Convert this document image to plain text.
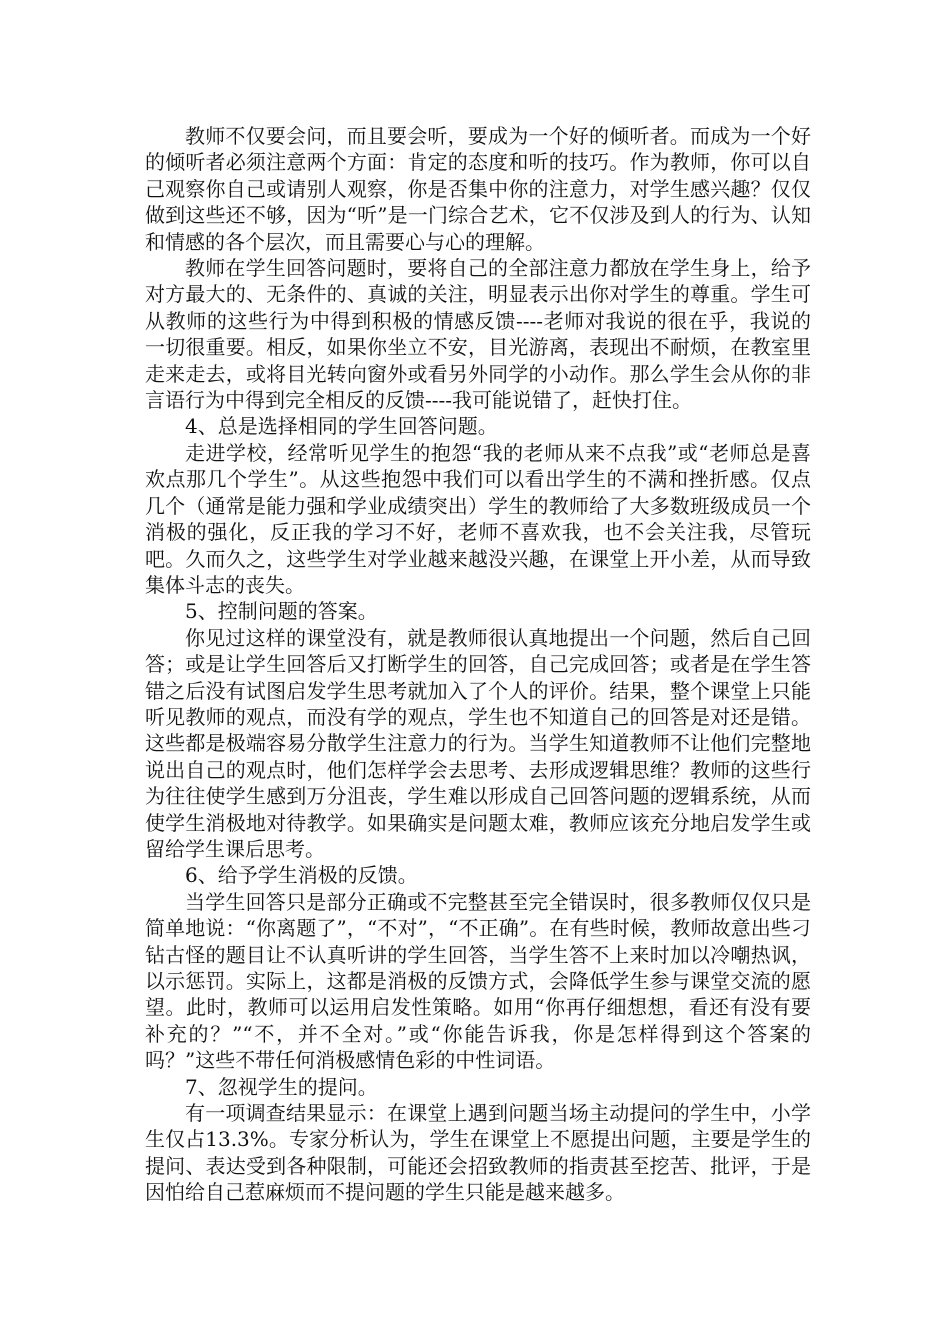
教师不仅要会问，而且要会听，要成为一个好的倾听者。而成为一个好的倾听者必须注意两个方面：肯定的态度和听的技巧。作为教师，你可以自己观察你自己或请别人观察，你是否集中你的注意力，对学生感兴趣？仅仅做到这些还不够，因为“听”是一门综合艺术，它不仅涉及到人的行为、认知和情感的各个层次，而且需要心与心的理解。

教师在学生回答问题时，要将自己的全部注意力都放在学生身上，给予对方最大的、无条件的、真诚的关注，明显表示出你对学生的尊重。学生可从教师的这些行为中得到积极的情感反馈----老师对我说的很在乎，我说的一切很重要。相反，如果你坐立不安，目光游离，表现出不耐烦，在教室里走来走去，或将目光转向窗外或看另外同学的小动作。那么学生会从你的非言语行为中得到完全相反的反馈----我可能说错了，赶快打住。

4、总是选择相同的学生回答问题。

走进学校，经常听见学生的抱怨“我的老师从来不点我”或“老师总是喜欢点那几个学生”。从这些抱怨中我们可以看出学生的不满和挫折感。仅点几个（通常是能力强和学业成绩突出）学生的教师给了大多数班级成员一个消极的强化，反正我的学习不好，老师不喜欢我，也不会关注我，尽管玩吧。久而久之，这些学生对学业越来越没兴趣，在课堂上开小差，从而导致集体斗志的丧失。

5、控制问题的答案。

你见过这样的课堂没有，就是教师很认真地提出一个问题，然后自己回答；或是让学生回答后又打断学生的回答，自己完成回答；或者是在学生答错之后没有试图启发学生思考就加入了个人的评价。结果，整个课堂上只能听见教师的观点，而没有学的观点，学生也不知道自己的回答是对还是错。这些都是极端容易分散学生注意力的行为。当学生知道教师不让他们完整地说出自己的观点时，他们怎样学会去思考、去形成逻辑思维？教师的这些行为往往使学生感到万分沮丧，学生难以形成自己回答问题的逻辑系统，从而使学生消极地对待教学。如果确实是问题太难，教师应该充分地启发学生或留给学生课后思考。

6、给予学生消极的反馈。

当学生回答只是部分正确或不完整甚至完全错误时，很多教师仅仅只是简单地说：“你离题了”，“不对”，“不正确”。在有些时候，教师故意出些刁钻古怪的题目让不认真听讲的学生回答，当学生答不上来时加以冷嘲热讽，以示惩罚。实际上，这都是消极的反馈方式，会降低学生参与课堂交流的愿望。此时，教师可以运用启发性策略。如用“你再仔细想想，看还有没有要补充的？”“不，并不全对。”或“你能告诉我，你是怎样得到这个答案的吗？”这些不带任何消极感情色彩的中性词语。

7、忽视学生的提问。

有一项调查结果显示：在课堂上遇到问题当场主动提问的学生中，小学生仅占13.3%。专家分析认为，学生在课堂上不愿提出问题，主要是学生的提问、表达受到各种限制，可能还会招致教师的指责甚至挖苦、批评，于是因怕给自己惹麻烦而不提问题的学生只能是越来越多。
